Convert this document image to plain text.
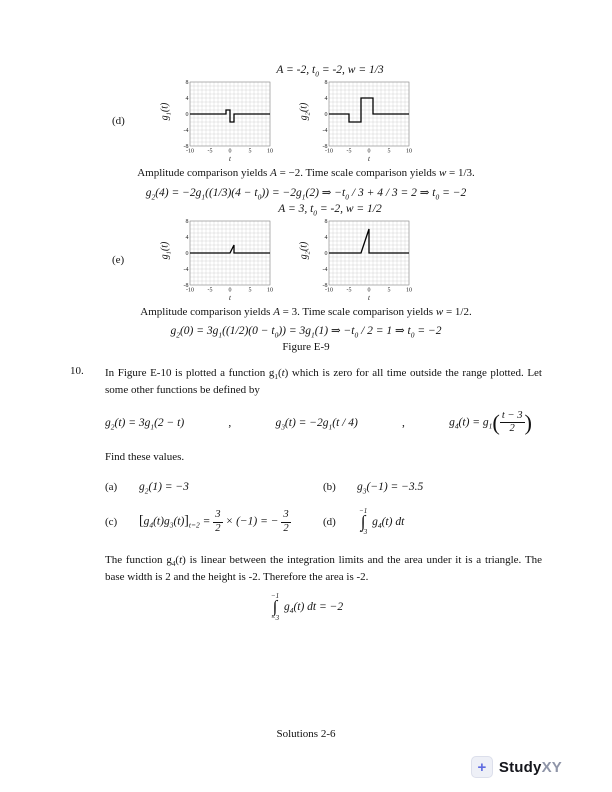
A = -2, $t_0 = -2$, w = 1/3
(d)	$g_1(t)$
-8
-4
0
4
8
-10 -5	0	5	10
t
$g_2(t)$
-8
-4
0
4
8
-10 -5	0	5	10
t
Amplitude comparison yields A = −2. Time scale comparison yields w = 1/3.
$g_2(4) = -2g_1((1/3)(4 - t_0)) = -2g_1(2)$ ⇒ $-t_0 / 3 + 4 / 3 = 2$ ⇒ $t_0 = -2$
A = 3, $t_0 = -2$, w = 1/2
(e)	$g_1(t)$
-8
-4
0
4
8
-10 -5	0	5	10
t
$g_2(t)$
-8
-4
0
4
8
-10 -5	0	5	10
t
Amplitude comparison yields A = 3. Time scale comparison yields w = 1/2.
$g_2(0) = 3g_1((1/2)(0 - t_0)) = 3g_1(1)$ ⇒ $-t_0 / 2 = 1$ ⇒ $t_0 = -2$
Figure E-9
10.	In Figure E-10 is plotted a function $g_1(t)$ which is zero for all time outside the range plotted. Let some other functions be defined by
$g_2(t) = 3g_1(2 - t)$	,	$g_3(t) = -2g_1(t / 4)$	,	$g_4(t) = g_1( \frac{t - 3}{2}$ )
Find these values.
(a)	$g_2(1) = -3$	(b)	$g_3(-1) = -3.5$
(c)	$[g_4(t)g_3(t)]_{t=2} = \frac{3}{2} \times (-1)$ = − $\frac{3}{2}$	(d)
−1
∫
−3
$g_4(t)$ dt
The function $g_4(t)$ is linear between the integration limits and the area under it is a triangle. The base width is 2 and the height is -2. Therefore the area is -2.
−1
∫
−3
$g_4(t)$ dt = −2
Solutions 2-6
+ StudyXY
